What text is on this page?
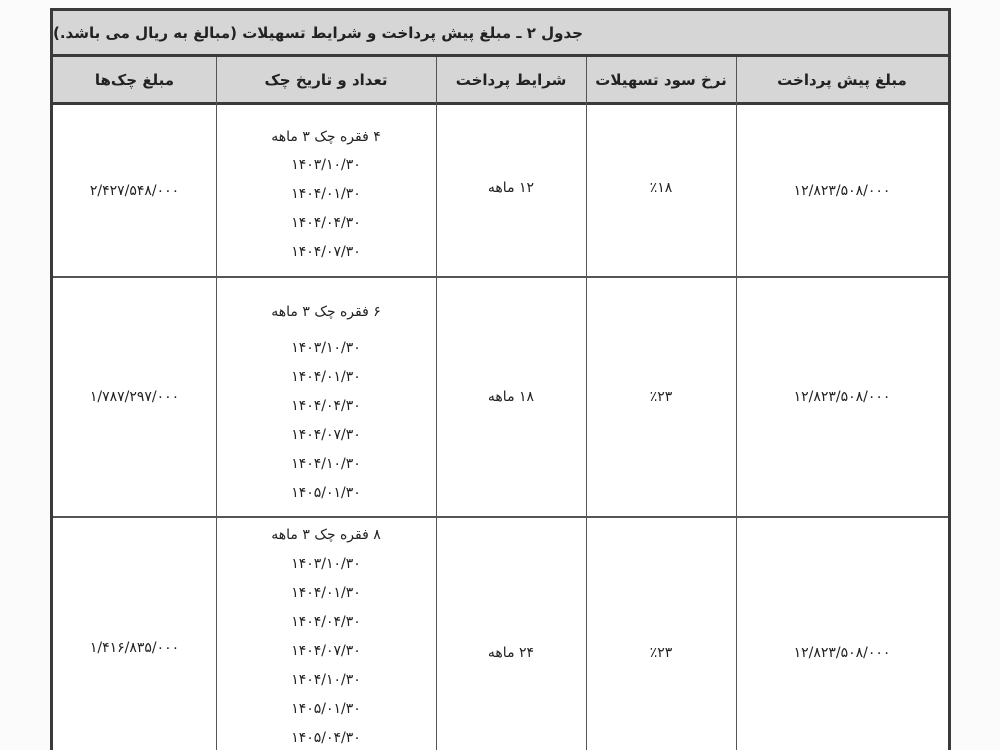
جدول ۲ ـ مبلغ پیش پرداخت و شرایط تسهیلات (مبالغ به ریال می باشد.)
مبلغ پیش پرداخت
نرخ سود تسهیلات
شرایط پرداخت
تعداد و تاریخ چک
مبلغ چک‌ها
۱۲/۸۲۳/۵۰۸/۰۰۰
٪۱۸
۱۲ ماهه
۴ فقره چک ۳ ماهه
۱۴۰۳/۱۰/۳۰
۱۴۰۴/۰۱/۳۰
۱۴۰۴/۰۴/۳۰
۱۴۰۴/۰۷/۳۰
۲/۴۲۷/۵۴۸/۰۰۰
۱۲/۸۲۳/۵۰۸/۰۰۰
٪۲۳
۱۸ ماهه
۶ فقره چک ۳ ماهه
۱۴۰۳/۱۰/۳۰
۱۴۰۴/۰۱/۳۰
۱۴۰۴/۰۴/۳۰
۱۴۰۴/۰۷/۳۰
۱۴۰۴/۱۰/۳۰
۱۴۰۵/۰۱/۳۰
۱/۷۸۷/۲۹۷/۰۰۰
۱۲/۸۲۳/۵۰۸/۰۰۰
٪۲۳
۲۴ ماهه
۸ فقره چک ۳ ماهه
۱۴۰۳/۱۰/۳۰
۱۴۰۴/۰۱/۳۰
۱۴۰۴/۰۴/۳۰
۱۴۰۴/۰۷/۳۰
۱۴۰۴/۱۰/۳۰
۱۴۰۵/۰۱/۳۰
۱۴۰۵/۰۴/۳۰
۱/۴۱۶/۸۳۵/۰۰۰
